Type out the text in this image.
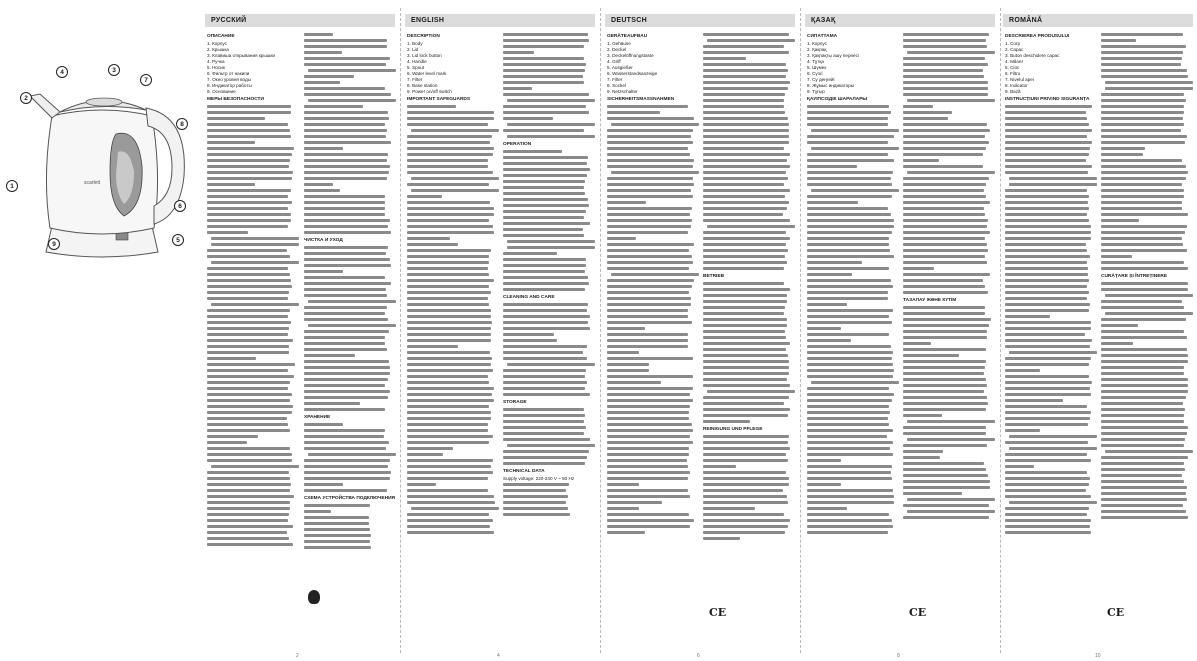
РУССКИЙ
scarlett
1
2
3
4
5
6
7
8
9
ОПИСАНИЕ
1. Корпус
2. Крышка
3. Клавиша открывания крышки
4. Ручка
5. Носик
6. Фильтр от накипи
7. Окно уровня воды
8. Индикатор работы
9. Основание
МЕРЫ БЕЗОПАСНОСТИ
ЧИСТКА И УХОД
ХРАНЕНИЕ
СХЕМА УСТРОЙСТВА ПОДКЛЮЧЕНИЯ
2
ENGLISH
DESCRIPTION
1. Body
2. Lid
3. Lid lock button
4. Handle
5. Spout
6. Water level mark
7. Filter
8. Base station
9. Power on/off switch
IMPORTANT SAFEGUARDS
OPERATION
CLEANING AND CARE
STORAGE
TECHNICAL DATA
Supply voltage: 220-240 V ~ 50 Hz
4
DEUTSCH
GERÄTEAUFBAU
1. Gehäuse
2. Deckel
3. Deckelöffnungstaste
4. Griff
5. Ausgießer
6. Wasserstandsanzeige
7. Filter
8. Sockel
9. Netzschalter
SICHERHEITSMASSNAHMEN
BETRIEB
REINIGUNG UND PFLEGE
CE
6
ҚАЗАҚ
СИПАТТАМА
1. Корпус
2. Қақпақ
3. Қақпақты ашу пернесі
4. Тұтқа
5. Шүмек
6. Сүзгі
7. Су деңгейі
8. Жұмыс индикаторы
9. Тұғыр
ҚАУІПСІЗДІК ШАРАЛАРЫ
ТАЗАЛАУ ЖӘНЕ КҮТІМ
CE
8
ROMÂNĂ
DESCRIEREA PRODUSULUI
1. Corp
2. Capac
3. Buton deschidere capac
4. Mâner
5. Cioc
6. Filtru
7. Nivelul apei
8. Indicator
9. Bază
INSTRUCȚIUNI PRIVIND SIGURANȚA
CURĂȚARE ȘI ÎNTREȚINERE
CE
10
